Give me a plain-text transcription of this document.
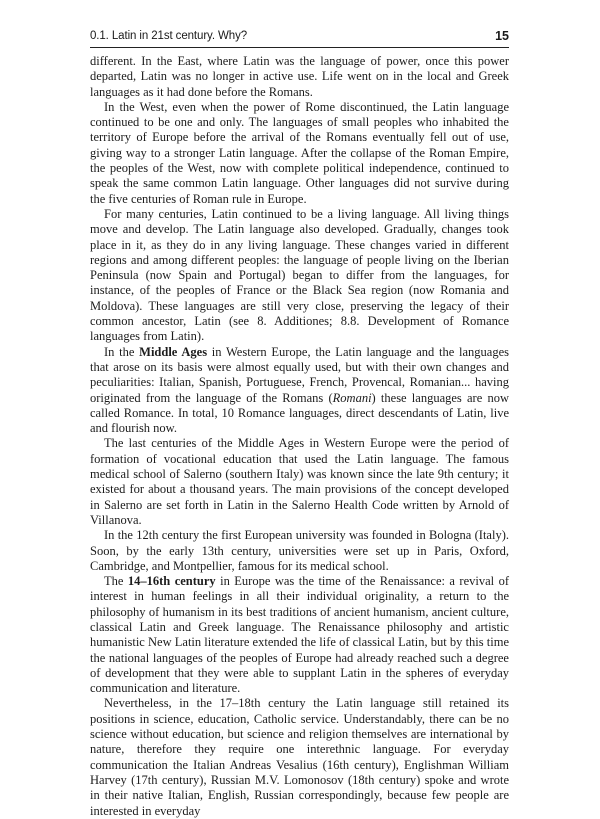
0.1. Latin in 21st century. Why?	15

different. In the East, where Latin was the language of power, once this power departed, Latin was no longer in active use. Life went on in the local and Greek languages as it had done before the Romans.

In the West, even when the power of Rome discontinued, the Latin language continued to be one and only. The languages of small peoples who inhabited the territory of Europe before the arrival of the Romans eventually fell out of use, giving way to a stronger Latin language. After the collapse of the Roman Empire, the peoples of the West, now with complete political independence, continued to speak the same common Latin language. Other languages did not survive during the five centuries of Roman rule in Europe.

For many centuries, Latin continued to be a living language. All living things move and develop. The Latin language also developed. Gradually, changes took place in it, as they do in any living language. These changes varied in different regions and among different peoples: the language of people living on the Iberian Peninsula (now Spain and Portugal) began to differ from the languages, for instance, of the peoples of France or the Black Sea region (now Romania and Moldova). These languages are still very close, preserving the legacy of their common ancestor, Latin (see 8. Additiones; 8.8. Development of Romance languages from Latin).

In the Middle Ages in Western Europe, the Latin language and the languages that arose on its basis were almost equally used, but with their own changes and peculiarities: Italian, Spanish, Portuguese, French, Provencal, Romanian... having originated from the language of the Romans (Romani) these languages are now called Romance. In total, 10 Romance languages, direct descendants of Latin, live and flourish now.

The last centuries of the Middle Ages in Western Europe were the period of formation of vocational education that used the Latin language. The famous medical school of Salerno (southern Italy) was known since the late 9th century; it existed for about a thousand years. The main provisions of the concept developed in Salerno are set forth in Latin in the Salerno Health Code written by Arnold of Villanova.

In the 12th century the first European university was founded in Bologna (Italy). Soon, by the early 13th century, universities were set up in Paris, Oxford, Cambridge, and Montpellier, famous for its medical school.

The 14–16th century in Europe was the time of the Renaissance: a revival of interest in human feelings in all their individual originality, a return to the philosophy of humanism in its best traditions of ancient humanism, ancient culture, classical Latin and Greek language. The Renaissance philosophy and artistic humanistic New Latin literature extended the life of classical Latin, but by this time the national languages of the peoples of Europe had already reached such a degree of development that they were able to supplant Latin in the spheres of everyday communication and literature.

Nevertheless, in the 17–18th century the Latin language still retained its positions in science, education, Catholic service. Understandably, there can be no science without education, but science and religion themselves are international by nature, therefore they require one interethnic language. For everyday communication the Italian Andreas Vesalius (16th century), Englishman William Harvey (17th century), Russian M.V. Lomonosov (18th century) spoke and wrote in their native Italian, English, Russian correspondingly, because few people are interested in everyday
